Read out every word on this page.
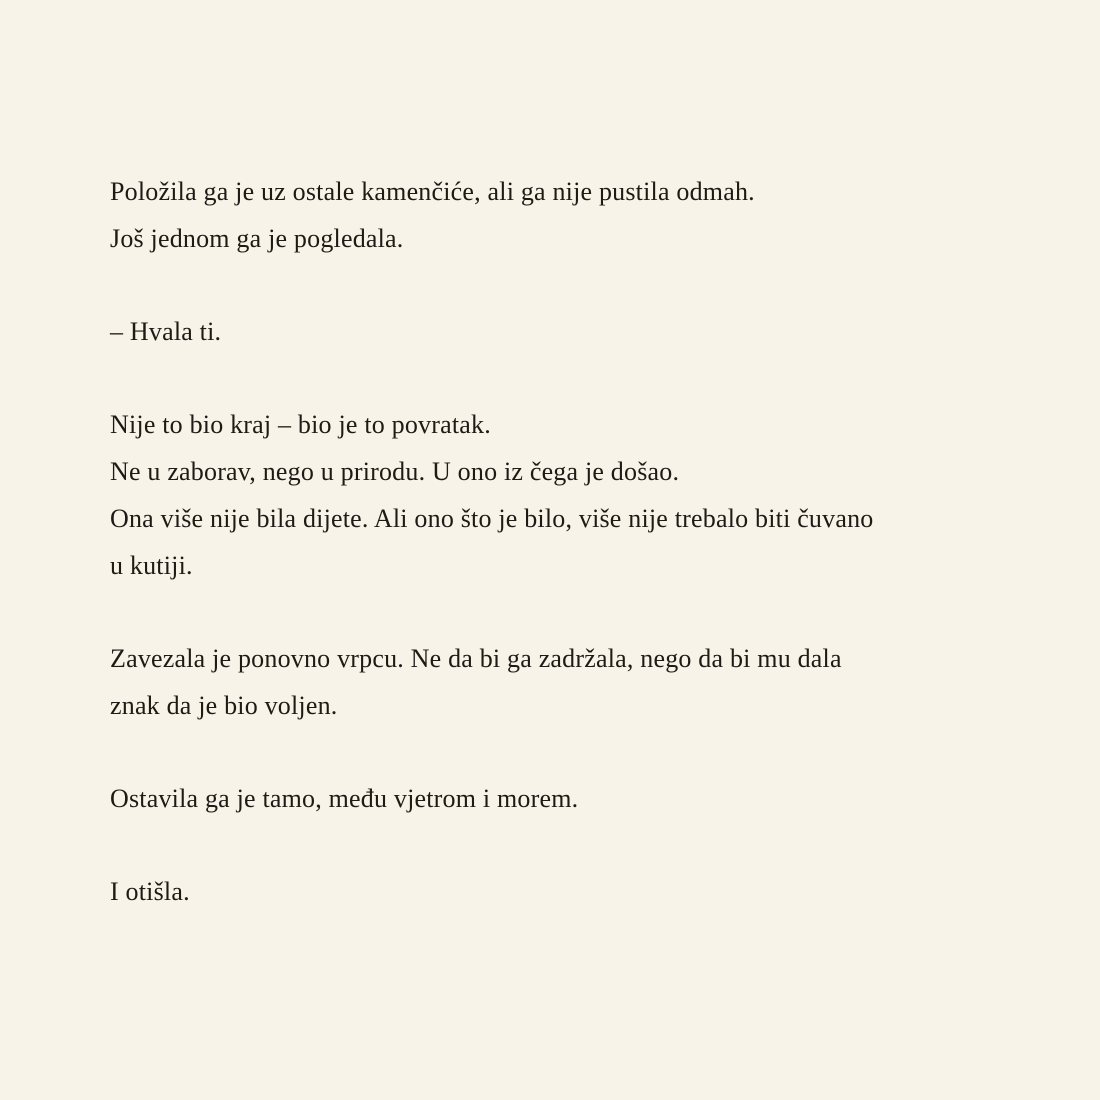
Položila ga je uz ostale kamenčiće, ali ga nije pustila odmah.
Još jednom ga je pogledala.

– Hvala ti.

Nije to bio kraj – bio je to povratak.
Ne u zaborav, nego u prirodu. U ono iz čega je došao.
Ona više nije bila dijete. Ali ono što je bilo, više nije trebalo biti čuvano
u kutiji.

Zavezala je ponovno vrpcu. Ne da bi ga zadržala, nego da bi mu dala
znak da je bio voljen.

Ostavila ga je tamo, među vjetrom i morem.

I otišla.
